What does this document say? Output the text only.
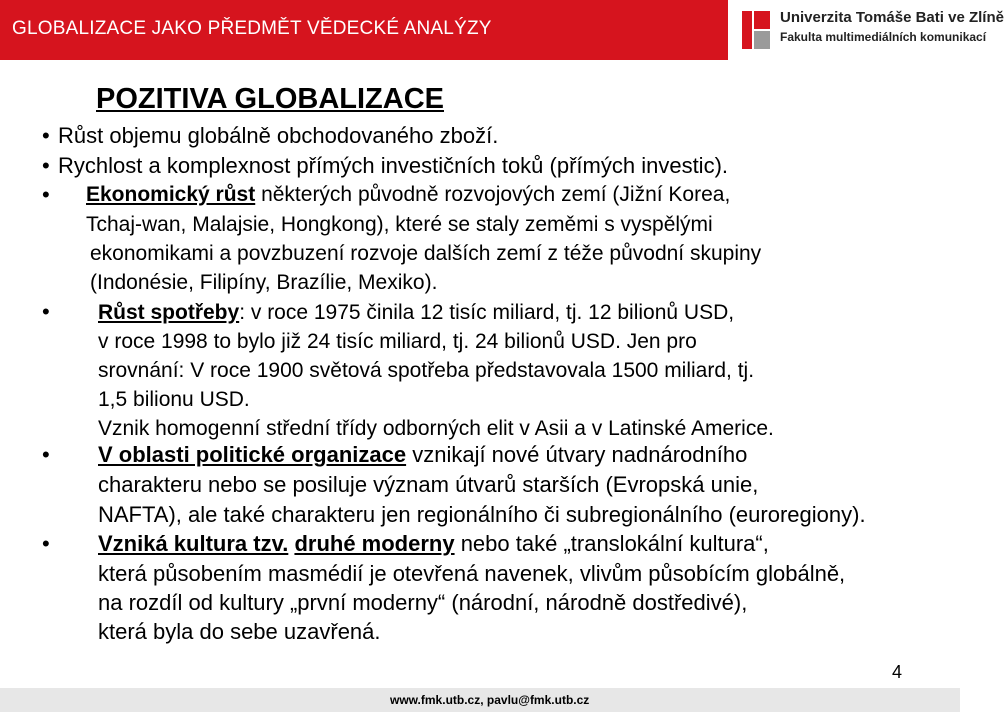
GLOBALIZACE JAKO PŘEDMĚT VĚDECKÉ ANALÝZY
Univerzita Tomáše Bati ve Zlíně
Fakulta multimediálních komunikací
POZITIVA GLOBALIZACE
• Růst objemu globálně obchodovaného zboží.
• Rychlost a komplexnost přímých investičních toků (přímých investic).
• Ekonomický růst některých původně rozvojových zemí (Jižní Korea,
Tchaj-wan, Malajsie, Hongkong), které se staly zeměmi s vyspělými
ekonomikami a povzbuzení rozvoje dalších zemí z téže původní skupiny
(Indonésie, Filipíny, Brazílie, Mexiko).
• Růst spotřeby: v roce 1975 činila 12 tisíc miliard, tj. 12 bilionů USD,
v roce 1998 to bylo již 24 tisíc miliard, tj. 24 bilionů USD. Jen pro
srovnání: V roce 1900 světová spotřeba představovala 1500 miliard, tj.
1,5 bilionu USD.
Vznik homogenní střední třídy odborných elit v Asii a v Latinské Americe.
• V oblasti politické organizace vznikají nové útvary nadnárodního
charakteru nebo se posiluje význam útvarů starších (Evropská unie,
NAFTA), ale také charakteru jen regionálního či subregionálního (euroregiony).
• Vzniká kultura tzv. druhé moderny nebo také „translokální kultura“,
která působením masmédií je otevřená navenek, vlivům působícím globálně,
na rozdíl od kultury „první moderny“ (národní, národně dostředivé),
která byla do sebe uzavřená.
4
www.fmk.utb.cz, pavlu@fmk.utb.cz
